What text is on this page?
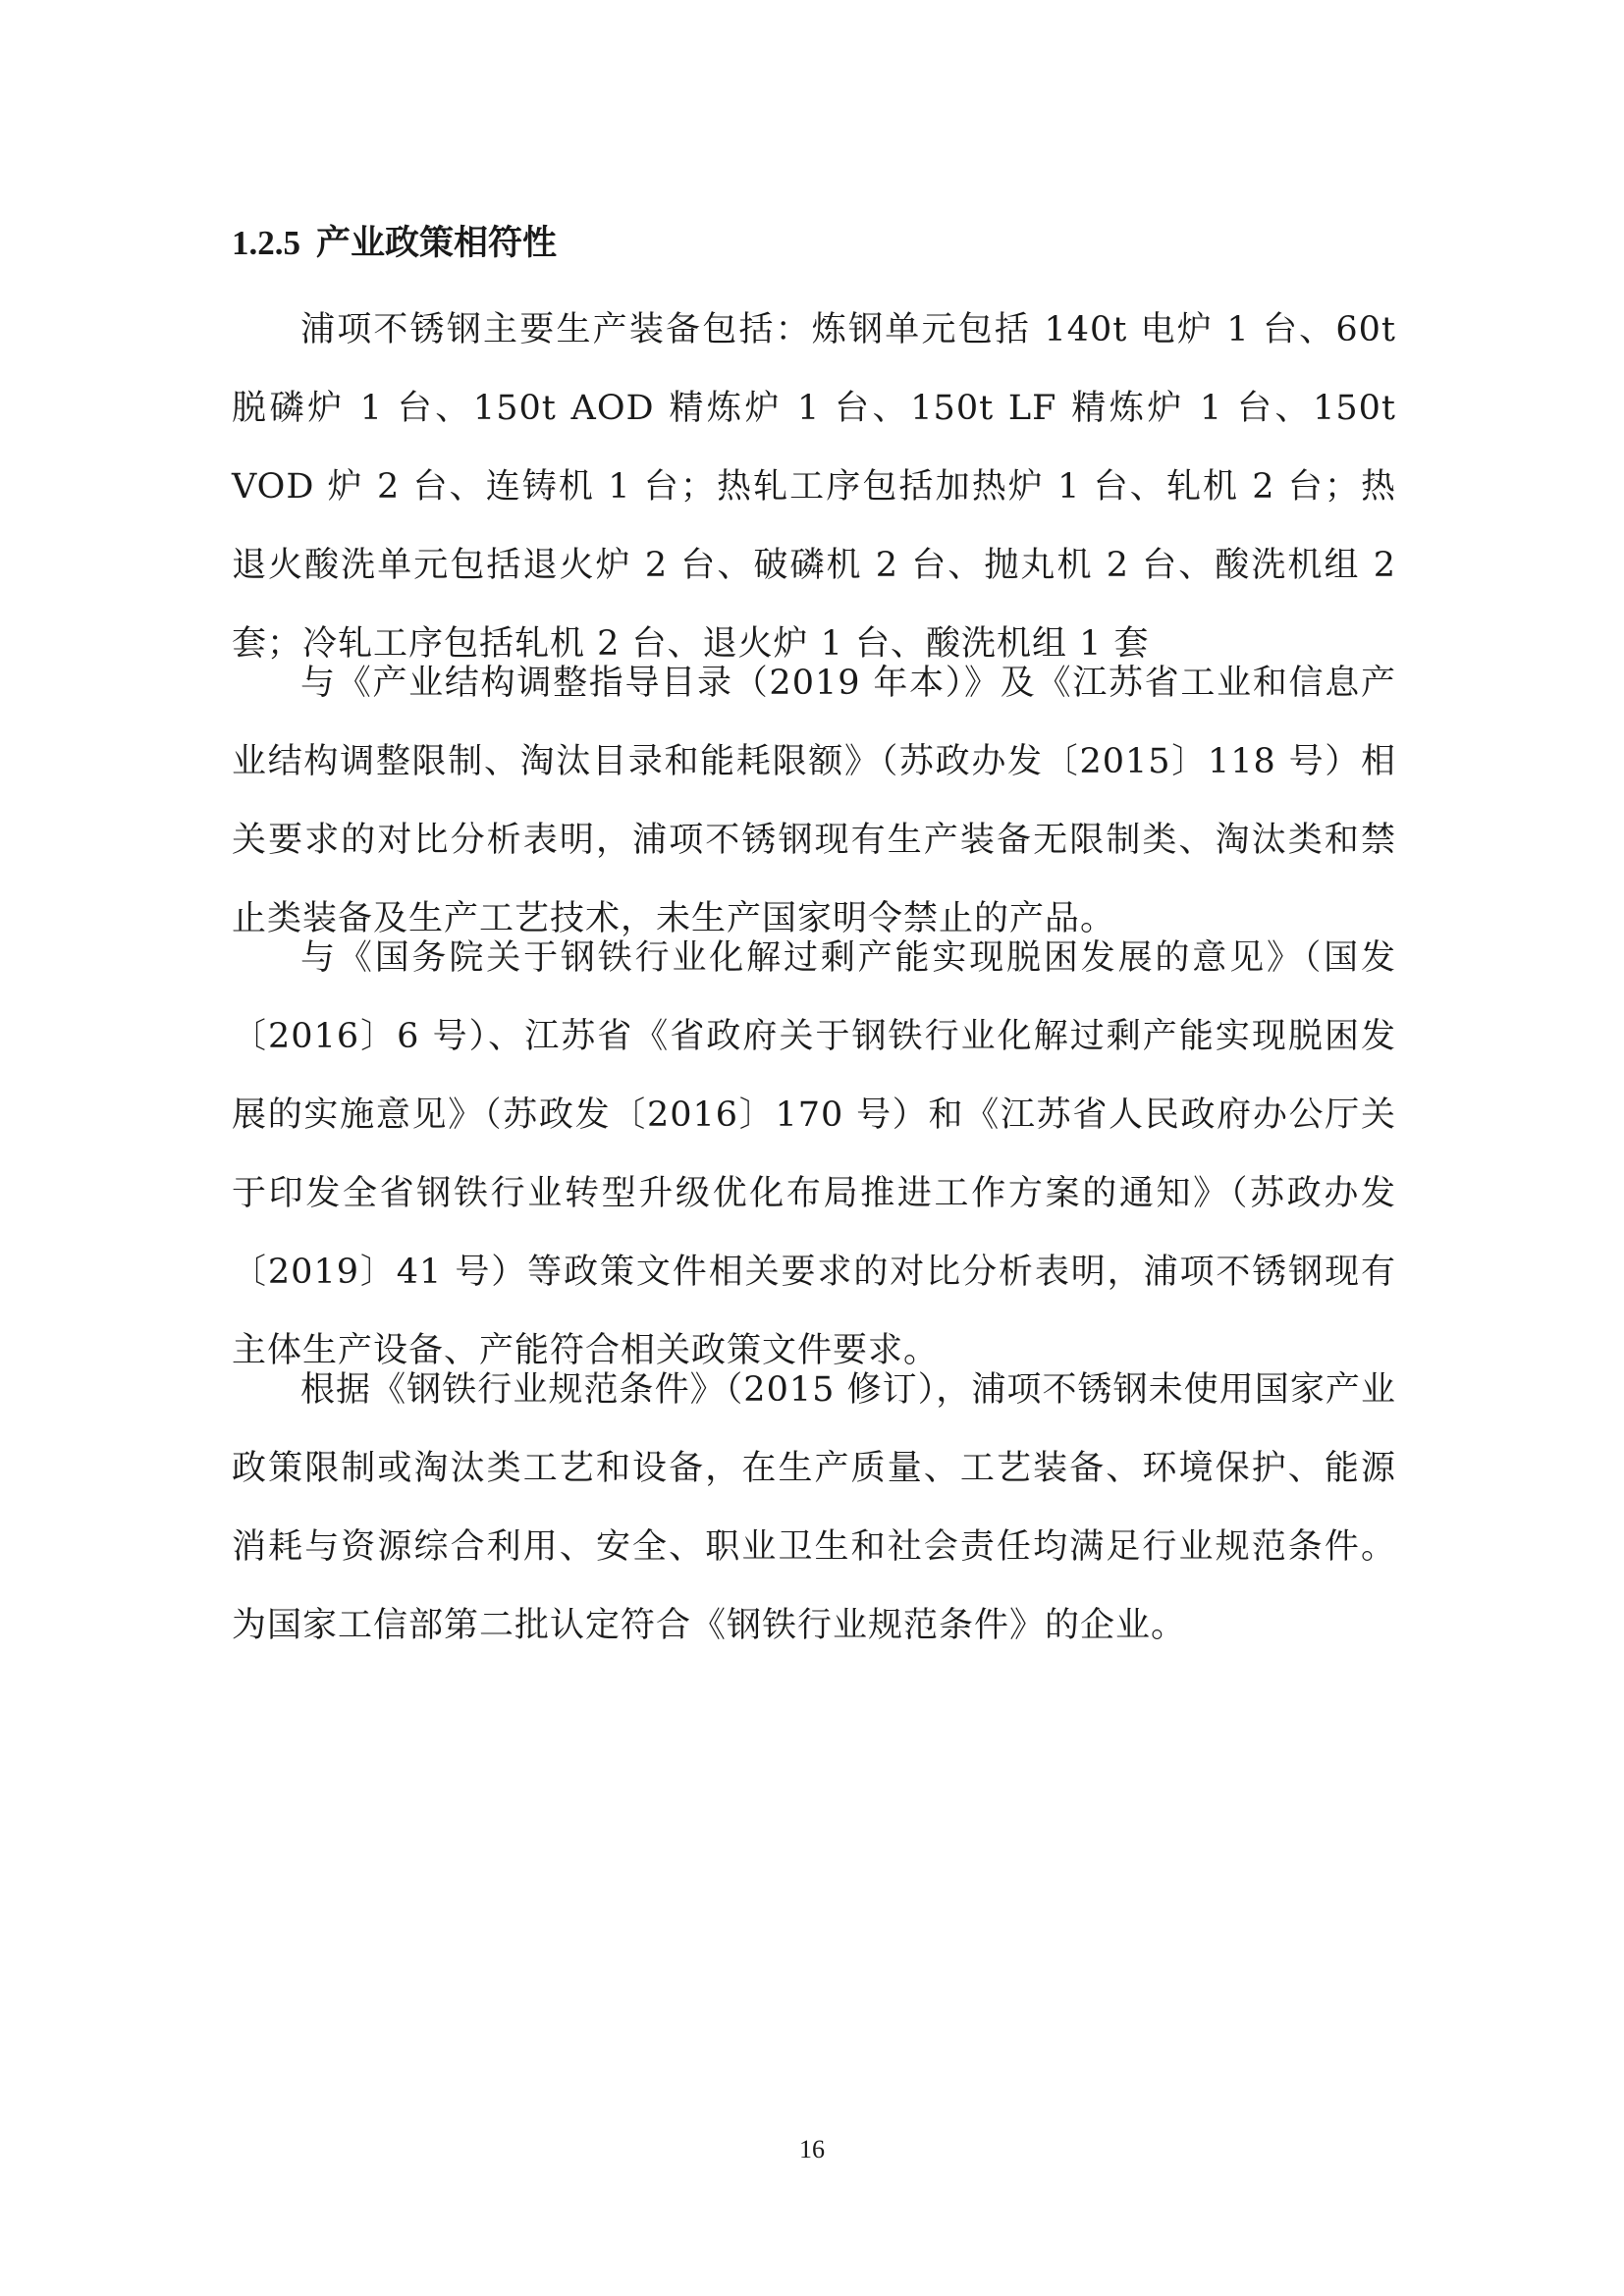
1.2.5 产业政策相符性

浦项不锈钢主要生产装备包括：炼钢单元包括 140t 电炉 1 台、60t 脱磷炉 1 台、150t AOD 精炼炉 1 台、150t LF 精炼炉 1 台、150t VOD 炉 2 台、连铸机 1 台；热轧工序包括加热炉 1 台、轧机 2 台；热退火酸洗单元包括退火炉 2 台、破磷机 2 台、抛丸机 2 台、酸洗机组 2 套；冷轧工序包括轧机 2 台、退火炉 1 台、酸洗机组 1 套

与《产业结构调整指导目录（2019 年本）》及《江苏省工业和信息产业结构调整限制、淘汰目录和能耗限额》（苏政办发〔2015〕118 号）相关要求的对比分析表明，浦项不锈钢现有生产装备无限制类、淘汰类和禁止类装备及生产工艺技术，未生产国家明令禁止的产品。

与《国务院关于钢铁行业化解过剩产能实现脱困发展的意见》（国发〔2016〕6 号）、江苏省《省政府关于钢铁行业化解过剩产能实现脱困发展的实施意见》（苏政发〔2016〕170 号）和《江苏省人民政府办公厅关于印发全省钢铁行业转型升级优化布局推进工作方案的通知》（苏政办发〔2019〕41 号）等政策文件相关要求的对比分析表明，浦项不锈钢现有主体生产设备、产能符合相关政策文件要求。

根据《钢铁行业规范条件》（2015 修订），浦项不锈钢未使用国家产业政策限制或淘汰类工艺和设备，在生产质量、工艺装备、环境保护、能源消耗与资源综合利用、安全、职业卫生和社会责任均满足行业规范条件。为国家工信部第二批认定符合《钢铁行业规范条件》的企业。

16
